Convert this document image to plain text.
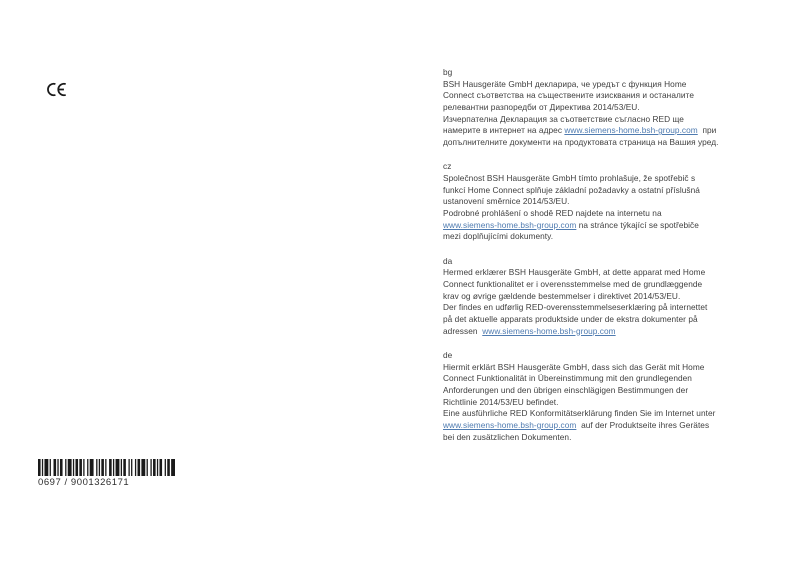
bg
BSH Hausgeräte GmbH декларира, че уредът с функция Home
Connect съответства на съществените изисквания и останалите
релевантни разпоредби от Директива 2014/53/EU.
Изчерпателна Декларация за съответствие съгласно RED ще
намерите в интернет на адрес www.siemens-home.bsh-group.com  при
допълнителните документи на продуктовата страница на Вашия уред.
cz
Společnost BSH Hausgeräte GmbH tímto prohlašuje, že spotřebič s
funkcí Home Connect splňuje základní požadavky a ostatní příslušná
ustanovení směrnice 2014/53/EU.
Podrobné prohlášení o shodě RED najdete na internetu na
www.siemens-home.bsh-group.com na stránce týkající se spotřebiče
mezi doplňujícími dokumenty.
da
Hermed erklærer BSH Hausgeräte GmbH, at dette apparat med Home
Connect funktionalitet er i overensstemmelse med de grundlæggende
krav og øvrige gældende bestemmelser i direktivet 2014/53/EU.
Der findes en udførlig RED-overensstemmelseserklæring på internettet
på det aktuelle apparats produktside under de ekstra dokumenter på
adressen  www.siemens-home.bsh-group.com
de
Hiermit erklärt BSH Hausgeräte GmbH, dass sich das Gerät mit Home
Connect Funktionalität in Übereinstimmung mit den grundlegenden
Anforderungen und den übrigen einschlägigen Bestimmungen der
Richtlinie 2014/53/EU befindet.
Eine ausführliche RED Konformitätserklärung finden Sie im Internet unter
www.siemens-home.bsh-group.com  auf der Produktseite ihres Gerätes
bei den zusätzlichen Dokumenten.
0697 / 9001326171
